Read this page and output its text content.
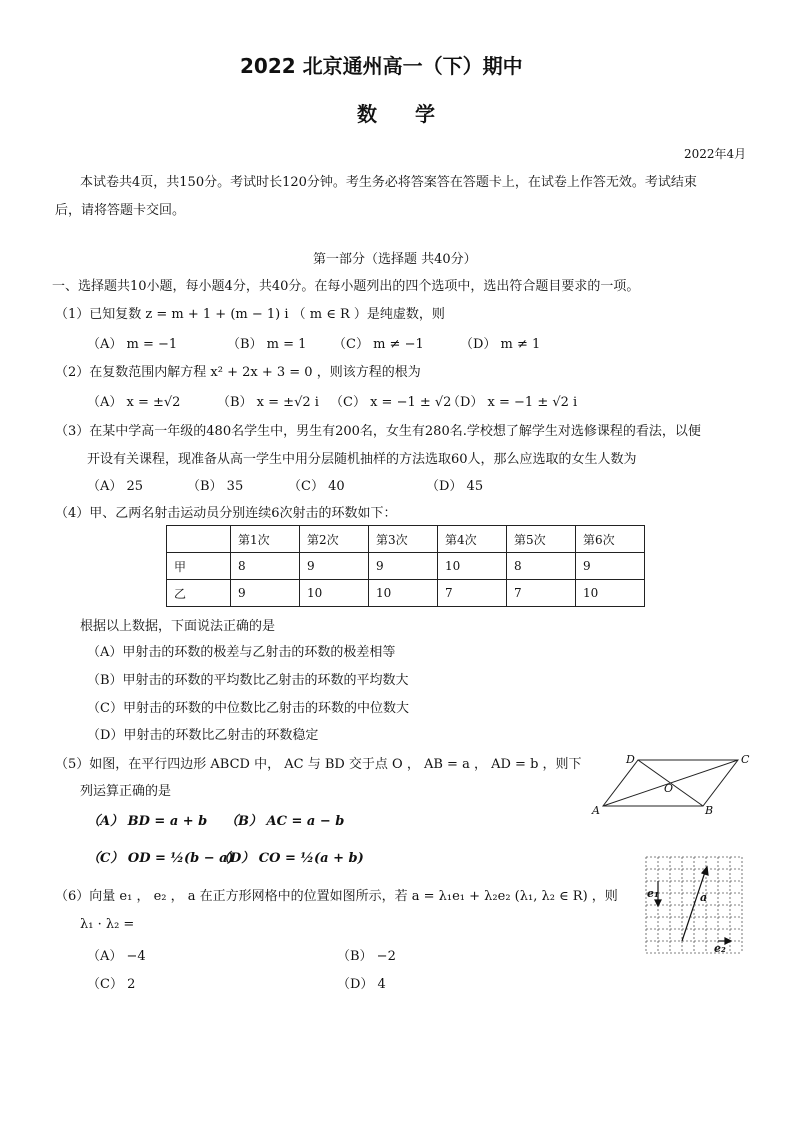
2022 北京通州高一（下）期中
数学
2022年4月
本试卷共4页，共150分。考试时长120分钟。考生务必将答案答在答题卡上，在试卷上作答无效。考试结束
后，请将答题卡交回。
第一部分（选择题 共40分）
一、选择题共10小题，每小题4分，共40分。在每小题列出的四个选项中，选出符合题目要求的一项。
（1）已知复数 z = m + 1 + (m − 1) i （ m ∈ R ）是纯虚数，则
（A） m = −1	（B） m = 1 （C） m ≠ −1	（D） m ≠ 1
（2）在复数范围内解方程 x² + 2x + 3 = 0 ，则该方程的根为
（A） x = ±√2	（B） x = ±√2 i （C） x = −1 ± √2
（D） x = −1 ± √2 i
（3）在某中学高一年级的480名学生中，男生有200名，女生有280名.学校想了解学生对选修课程的看法，以便
开设有关课程，现准备从高一学生中用分层随机抽样的方法选取60人，那么应选取的女生人数为
（A） 25	（B） 35	（C） 40	（D） 45
（4）甲、乙两名射击运动员分别连续6次射击的环数如下：
	第1次	第2次	第3次	第4次	第5次	第6次
甲	8	9	9	10	8	9
乙	9	10	10	7	7	10
根据以上数据，下面说法正确的是
（A）甲射击的环数的极差与乙射击的环数的极差相等
（B）甲射击的环数的平均数比乙射击的环数的平均数大
（C）甲射击的环数的中位数比乙射击的环数的中位数大
（D）甲射击的环数比乙射击的环数稳定
（5）如图，在平行四边形 ABCD 中， AC 与 BD 交于点 O ， AB = a ， AD = b ，则下
列运算正确的是
（A） BD = a + b （B） AC = a − b
（C） OD = ½(b − a)
（D） CO = ½(a + b)
D	C
A	B
O
（6）向量 e₁ ， e₂ ， a 在正方形网格中的位置如图所示，若 a = λ₁e₁ + λ₂e₂ (λ₁, λ₂ ∈ R) ，则
λ₁ · λ₂ =
（A） −4	（B） −2
（C） 2	（D） 4
e₁	a
e₂
